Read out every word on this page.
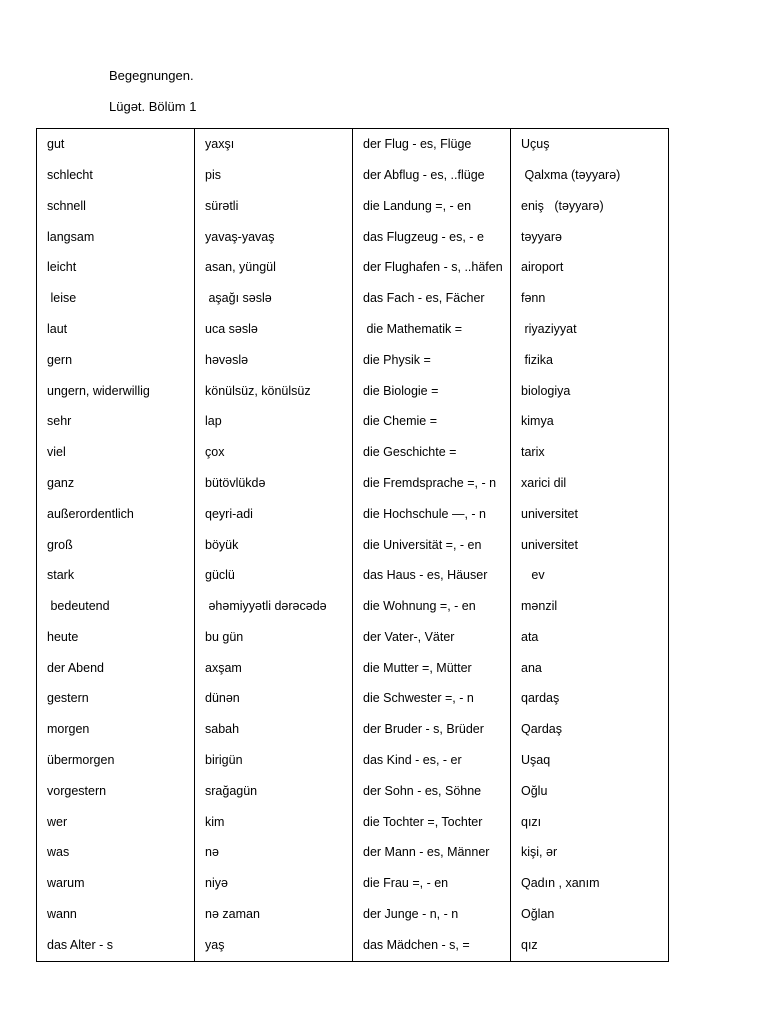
Begegnungen.

Lügət. Bölüm 1

gut	yaxşı	der Flug - es, Flüge	Uçuş
schlecht	pis	der Abflug - es, ..flüge	Qalxma (təyyarə)
schnell	sürətli	die Landung =, - en	eniş   (təyyarə)
langsam	yavaş-yavaş	das Flugzeug - es, - e	təyyarə
leicht	asan, yüngül	der Flughafen - s, ..häfen	airoport
leise	aşağı səslə	das Fach - es, Fächer	fənn
laut	uca səslə	die Mathematik =	riyaziyyat
gern	həvəslə	die Physik =	fizika
ungern, widerwillig	könülsüz, könülsüz	die Biologie =	biologiya
sehr	lap	die Chemie =	kimya
viel	çox	die Geschichte =	tarix
ganz	bütövlükdə	die Fremdsprache =, - n	xarici dil
außerordentlich	qeyri-adi	die Hochschule —, - n	universitet
groß	böyük	die Universität =, - en	universitet
stark	güclü	das Haus - es, Häuser	ev
bedeutend	əhəmiyyətli dərəcədə	die Wohnung =, - en	mənzil
heute	bu gün	der Vater-, Väter	ata
der Abend	axşam	die Mutter =, Mütter	ana
gestern	dünən	die Schwester =, - n	qardaş
morgen	sabah	der Bruder - s, Brüder	Qardaş
übermorgen	birigün	das Kind - es, - er	Uşaq
vorgestern	srağagün	der Sohn - es, Söhne	Oğlu
wer	kim	die Tochter =, Tochter	qızı
was	nə	der Mann - es, Männer	kişi, ər
warum	niyə	die Frau =, - en	Qadın , xanım
wann	nə zaman	der Junge - n, - n	Oğlan
das Alter - s	yaş	das Mädchen - s, =	qız
